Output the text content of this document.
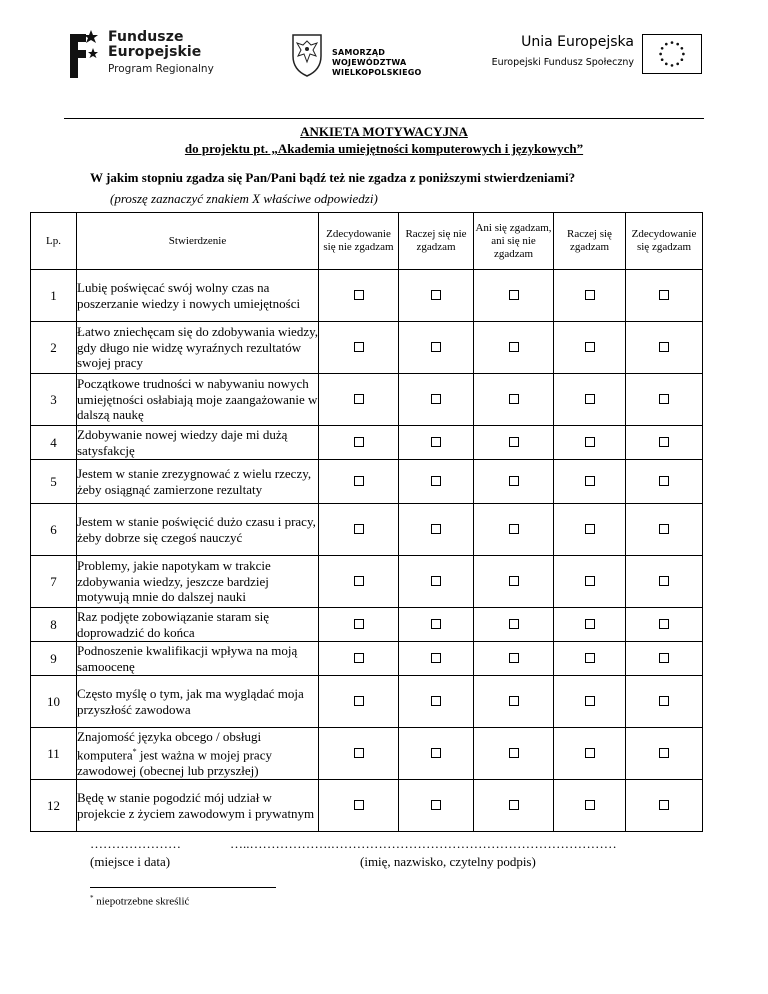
Fundusze
Europejskie
Program Regionalny
SAMORZĄD WOJEWÓDZTWA
WIELKOPOLSKIEGO
Unia Europejska
Europejski Fundusz Społeczny
ANKIETA MOTYWACYJNA
do projektu pt. „Akademia umiejętności komputerowych i językowych”
W jakim stopniu zgadza się Pan/Pani bądź też nie zgadza z poniższymi stwierdzeniami?
(proszę zaznaczyć znakiem X właściwe odpowiedzi)
Lp.	Stwierdzenie	Zdecydowanie się nie zgadzam	Raczej się nie zgadzam	Ani się zgadzam, ani się nie zgadzam	Raczej się zgadzam	Zdecydowanie się zgadzam
1	Lubię poświęcać swój wolny czas na poszerzanie wiedzy i nowych umiejętności					
2	Łatwo zniechęcam się do zdobywania wiedzy, gdy długo nie widzę wyraźnych rezultatów swojej pracy					
3	Początkowe trudności w nabywaniu nowych umiejętności osłabiają moje zaangażowanie w dalszą naukę					
4	Zdobywanie nowej wiedzy daje mi dużą satysfakcję					
5	Jestem w stanie zrezygnować z wielu rzeczy, żeby osiągnąć zamierzone rezultaty					
6	Jestem w stanie poświęcić dużo czasu i pracy, żeby dobrze się czegoś nauczyć					
7	Problemy, jakie napotykam w trakcie zdobywania wiedzy, jeszcze bardziej motywują mnie do dalszej nauki					
8	Raz podjęte zobowiązanie staram się doprowadzić do końca					
9	Podnoszenie kwalifikacji wpływa na moją samoocenę					
10	Często myślę o tym, jak ma wyglądać moja przyszłość zawodowa					
11	Znajomość języka obcego / obsługi komputera* jest ważna w mojej pracy zawodowej (obecnej lub przyszłej)					
12	Będę w stanie pogodzić mój udział w projekcie z życiem zawodowym i prywatnym					
…………………	…..……………….…………………………………………………………
(miejsce i data)	(imię, nazwisko, czytelny podpis)
* niepotrzebne skreślić
